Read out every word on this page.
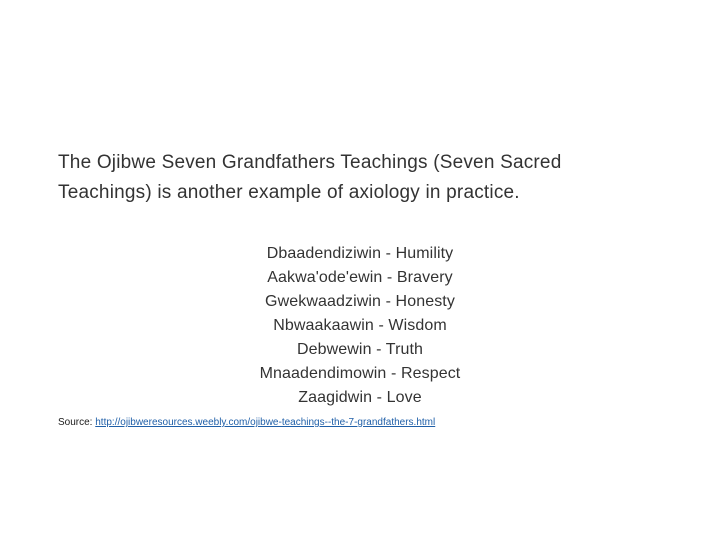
The Ojibwe Seven Grandfathers Teachings (Seven Sacred
Teachings) is another example of axiology in practice.

Dbaadendiziwin - Humility
Aakwa'ode'ewin - Bravery
Gwekwaadziwin - Honesty
Nbwaakaawin - Wisdom
Debwewin - Truth
Mnaadendimowin - Respect
Zaagidwin - Love
Source: http://ojibweresources.weebly.com/ojibwe-teachings--the-7-grandfathers.html
